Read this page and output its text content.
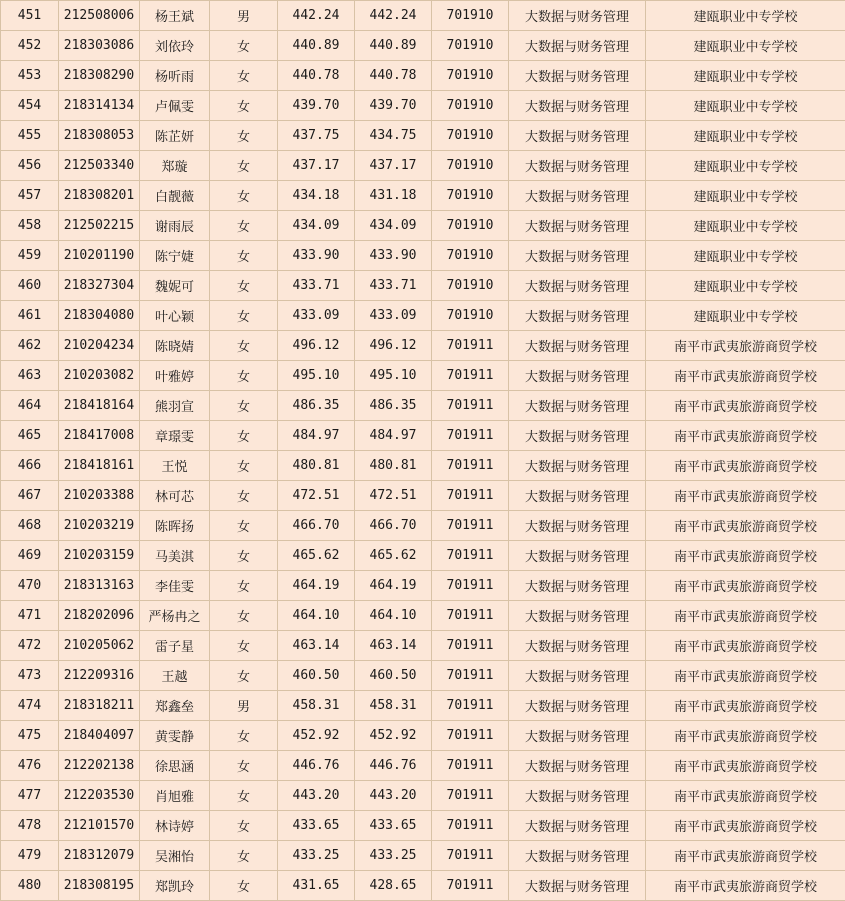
451	212508006	杨王斌	男	442.24	442.24	701910	大数据与财务管理	建瓯职业中专学校
452	218303086	刘依玲	女	440.89	440.89	701910	大数据与财务管理	建瓯职业中专学校
453	218308290	杨听雨	女	440.78	440.78	701910	大数据与财务管理	建瓯职业中专学校
454	218314134	卢佩雯	女	439.70	439.70	701910	大数据与财务管理	建瓯职业中专学校
455	218308053	陈芷妍	女	437.75	434.75	701910	大数据与财务管理	建瓯职业中专学校
456	212503340	郑璇	女	437.17	437.17	701910	大数据与财务管理	建瓯职业中专学校
457	218308201	白靓薇	女	434.18	431.18	701910	大数据与财务管理	建瓯职业中专学校
458	212502215	谢雨辰	女	434.09	434.09	701910	大数据与财务管理	建瓯职业中专学校
459	210201190	陈宁婕	女	433.90	433.90	701910	大数据与财务管理	建瓯职业中专学校
460	218327304	魏妮可	女	433.71	433.71	701910	大数据与财务管理	建瓯职业中专学校
461	218304080	叶心颖	女	433.09	433.09	701910	大数据与财务管理	建瓯职业中专学校
462	210204234	陈晓婧	女	496.12	496.12	701911	大数据与财务管理	南平市武夷旅游商贸学校
463	210203082	叶雅婷	女	495.10	495.10	701911	大数据与财务管理	南平市武夷旅游商贸学校
464	218418164	熊羽宣	女	486.35	486.35	701911	大数据与财务管理	南平市武夷旅游商贸学校
465	218417008	章璟雯	女	484.97	484.97	701911	大数据与财务管理	南平市武夷旅游商贸学校
466	218418161	王悦	女	480.81	480.81	701911	大数据与财务管理	南平市武夷旅游商贸学校
467	210203388	林可芯	女	472.51	472.51	701911	大数据与财务管理	南平市武夷旅游商贸学校
468	210203219	陈晖扬	女	466.70	466.70	701911	大数据与财务管理	南平市武夷旅游商贸学校
469	210203159	马美淇	女	465.62	465.62	701911	大数据与财务管理	南平市武夷旅游商贸学校
470	218313163	李佳雯	女	464.19	464.19	701911	大数据与财务管理	南平市武夷旅游商贸学校
471	218202096	严杨冉之	女	464.10	464.10	701911	大数据与财务管理	南平市武夷旅游商贸学校
472	210205062	雷子星	女	463.14	463.14	701911	大数据与财务管理	南平市武夷旅游商贸学校
473	212209316	王越	女	460.50	460.50	701911	大数据与财务管理	南平市武夷旅游商贸学校
474	218318211	郑鑫垒	男	458.31	458.31	701911	大数据与财务管理	南平市武夷旅游商贸学校
475	218404097	黄雯静	女	452.92	452.92	701911	大数据与财务管理	南平市武夷旅游商贸学校
476	212202138	徐思涵	女	446.76	446.76	701911	大数据与财务管理	南平市武夷旅游商贸学校
477	212203530	肖旭雅	女	443.20	443.20	701911	大数据与财务管理	南平市武夷旅游商贸学校
478	212101570	林诗婷	女	433.65	433.65	701911	大数据与财务管理	南平市武夷旅游商贸学校
479	218312079	吴湘怡	女	433.25	433.25	701911	大数据与财务管理	南平市武夷旅游商贸学校
480	218308195	郑凯玲	女	431.65	428.65	701911	大数据与财务管理	南平市武夷旅游商贸学校
